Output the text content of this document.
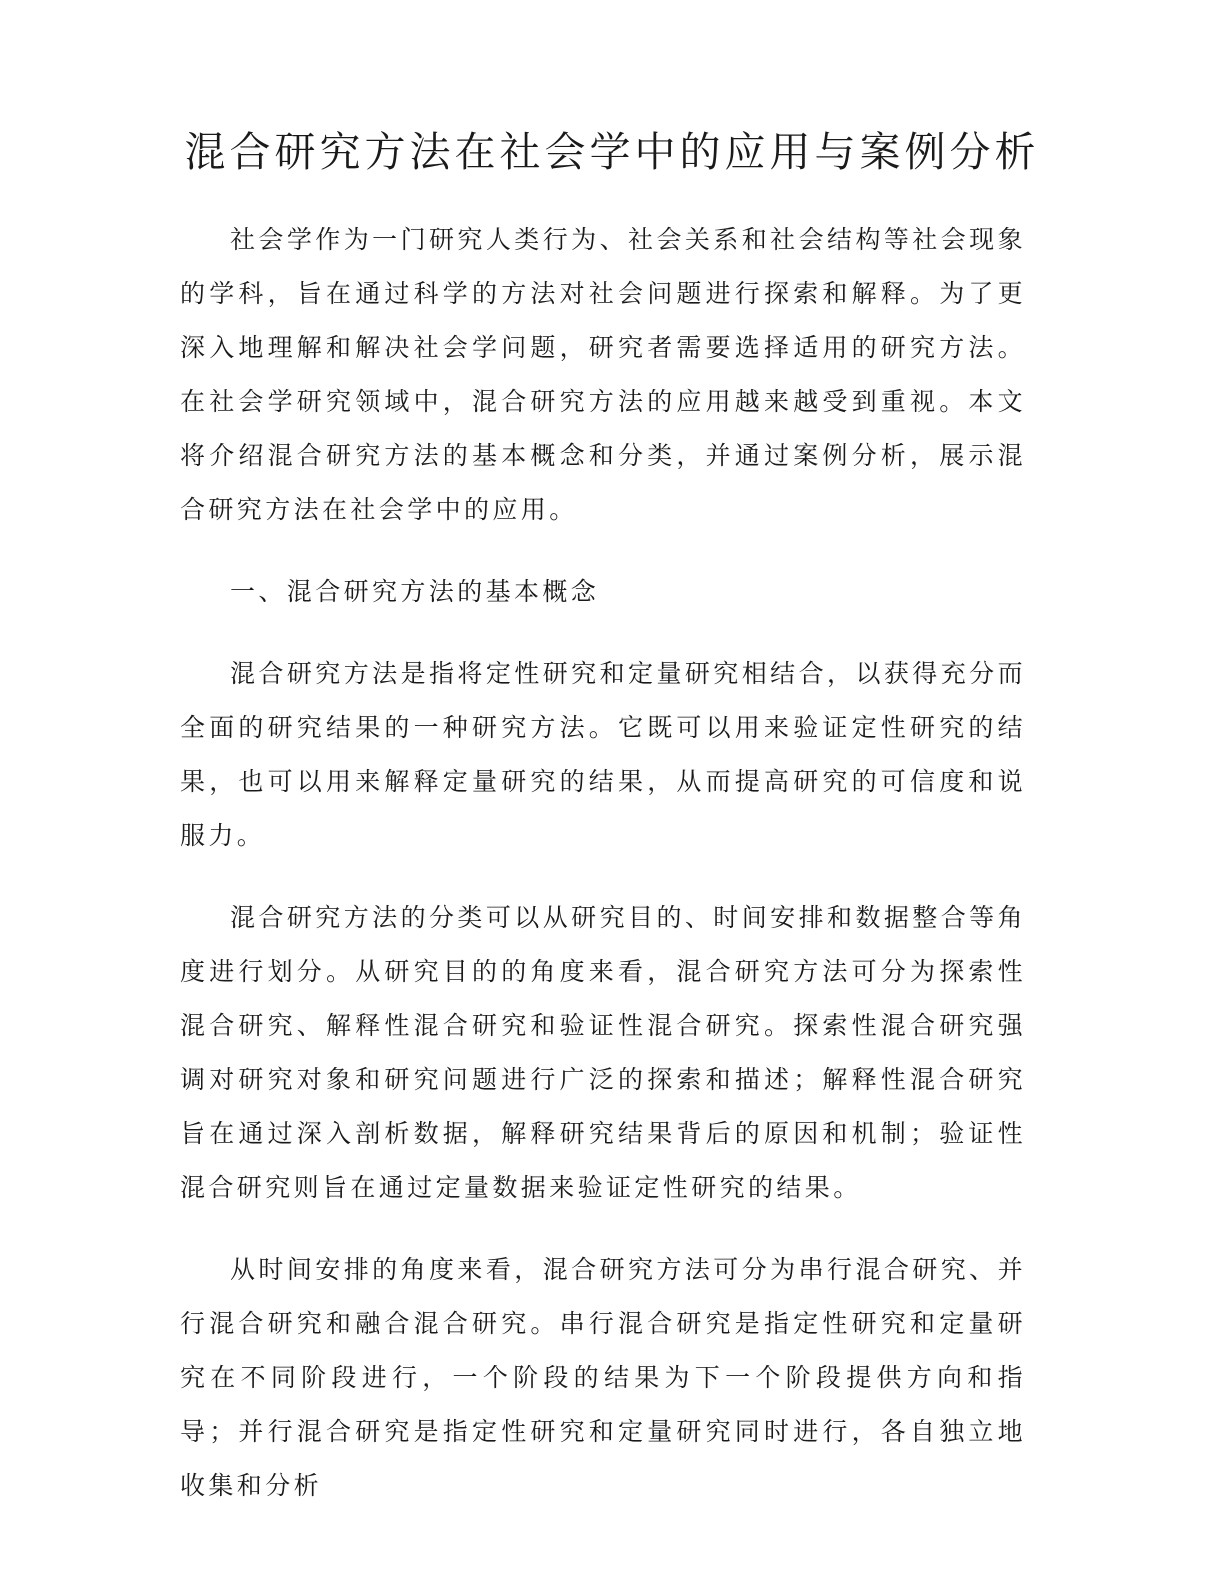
混合研究方法在社会学中的应用与案例分析

社会学作为一门研究人类行为、社会关系和社会结构等社会现象的学科，旨在通过科学的方法对社会问题进行探索和解释。为了更深入地理解和解决社会学问题，研究者需要选择适用的研究方法。在社会学研究领域中，混合研究方法的应用越来越受到重视。本文将介绍混合研究方法的基本概念和分类，并通过案例分析，展示混合研究方法在社会学中的应用。

一、混合研究方法的基本概念

混合研究方法是指将定性研究和定量研究相结合，以获得充分而全面的研究结果的一种研究方法。它既可以用来验证定性研究的结果，也可以用来解释定量研究的结果，从而提高研究的可信度和说服力。

混合研究方法的分类可以从研究目的、时间安排和数据整合等角度进行划分。从研究目的的角度来看，混合研究方法可分为探索性混合研究、解释性混合研究和验证性混合研究。探索性混合研究强调对研究对象和研究问题进行广泛的探索和描述；解释性混合研究旨在通过深入剖析数据，解释研究结果背后的原因和机制；验证性混合研究则旨在通过定量数据来验证定性研究的结果。

从时间安排的角度来看，混合研究方法可分为串行混合研究、并行混合研究和融合混合研究。串行混合研究是指定性研究和定量研究在不同阶段进行，一个阶段的结果为下一个阶段提供方向和指导；并行混合研究是指定性研究和定量研究同时进行，各自独立地收集和分析
